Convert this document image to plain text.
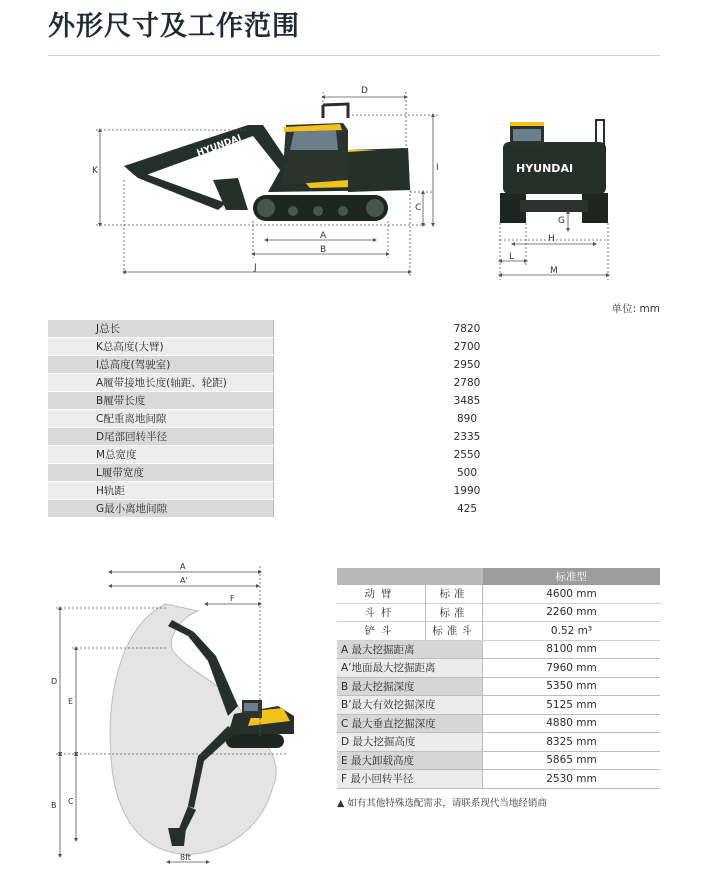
外形尺寸及工作范围
HYUNDAI
K	I
C
D
A
B
J
HYUNDAI
G
H
L
M
单位: mm
J总长	7820
K总高度(大臂)	2700
I总高度(驾驶室)	2950
A履带接地长度(轴距、轮距)	2780
B履带长度	3485
C配重离地间隙	890
D尾部回转半径	2335
M总宽度	2550
L履带宽度	500
H轨距	1990
G最小离地间隙	425
A
A'
F
D
E
B C
8ft
		标准型
动臂	标准	4600 mm
斗杆	标准	2260 mm
铲斗	标准斗	0.52 m³
A 最大挖掘距离		8100 mm
A’地面最大挖掘距离		7960 mm
B 最大挖掘深度		5350 mm
B’最大有效挖掘深度		5125 mm
C 最大垂直挖掘深度		4880 mm
D 最大挖掘高度		8325 mm
E 最大卸载高度		5865 mm
F 最小回转半径		2530 mm
▲ 如有其他特殊选配需求，请联系现代当地经销商
